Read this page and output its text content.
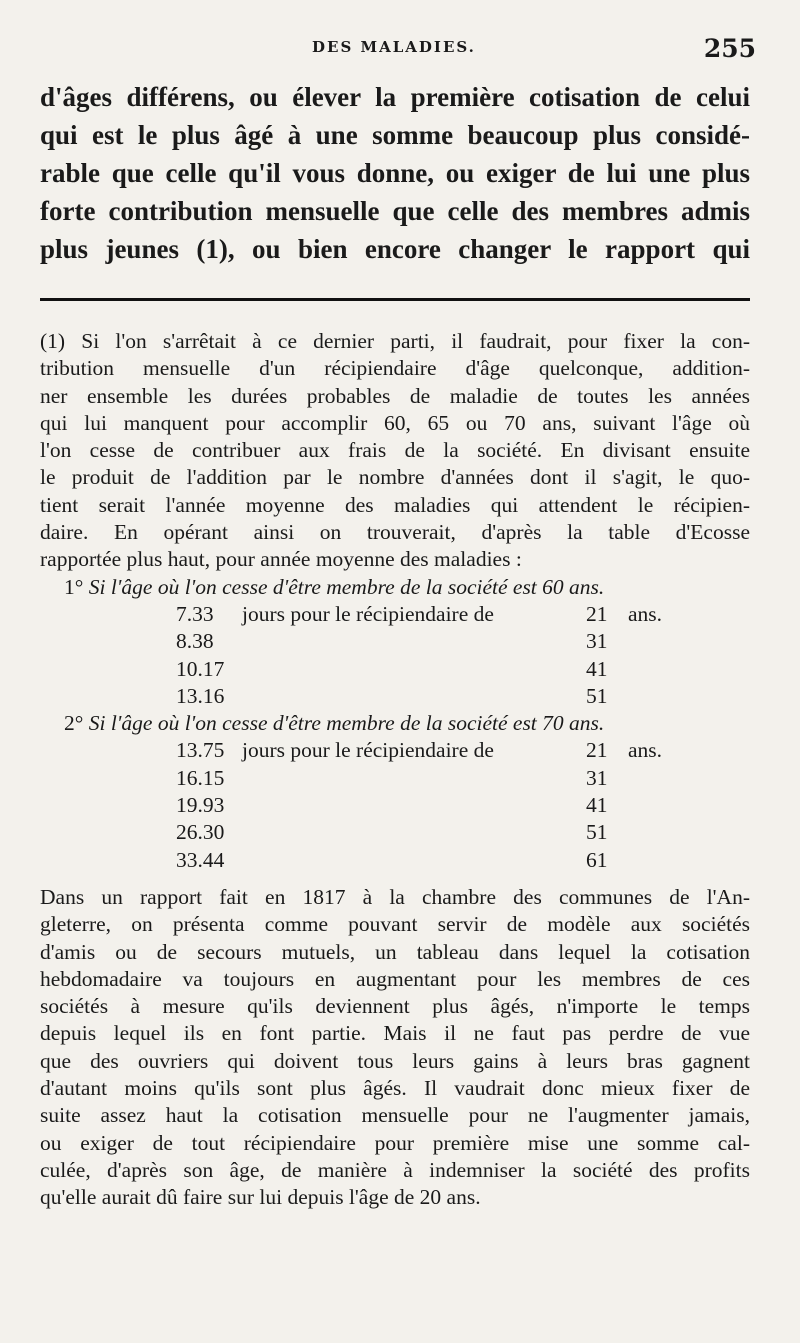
DES MALADIES.	255
d'âges différens, ou élever la première cotisation de celui
qui est le plus âgé à une somme beaucoup plus considé-
rable que celle qu'il vous donne, ou exiger de lui une plus
forte contribution mensuelle que celle des membres admis
plus jeunes (1), ou bien encore changer le rapport qui
(1) Si l'on s'arrêtait à ce dernier parti, il faudrait, pour fixer la con-
tribution mensuelle d'un récipiendaire d'âge quelconque, addition-
ner ensemble les durées probables de maladie de toutes les années
qui lui manquent pour accomplir 60, 65 ou 70 ans, suivant l'âge où
l'on cesse de contribuer aux frais de la société. En divisant ensuite
le produit de l'addition par le nombre d'années dont il s'agit, le quo-
tient serait l'année moyenne des maladies qui attendent le récipien-
daire. En opérant ainsi on trouverait, d'après la table d'Ecosse
rapportée plus haut, pour année moyenne des maladies :
1° Si l'âge où l'on cesse d'être membre de la société est 60 ans.
7.33 jours pour le récipiendaire de	21 ans.
8.38	31
10.17	41
13.16	51
2° Si l'âge où l'on cesse d'être membre de la société est 70 ans.
13.75 jours pour le récipiendaire de	21 ans.
16.15	31
19.93	41
26.30	51
33.44	61
Dans un rapport fait en 1817 à la chambre des communes de l'An-
gleterre, on présenta comme pouvant servir de modèle aux sociétés
d'amis ou de secours mutuels, un tableau dans lequel la cotisation
hebdomadaire va toujours en augmentant pour les membres de ces
sociétés à mesure qu'ils deviennent plus âgés, n'importe le temps
depuis lequel ils en font partie. Mais il ne faut pas perdre de vue
que des ouvriers qui doivent tous leurs gains à leurs bras gagnent
d'autant moins qu'ils sont plus âgés. Il vaudrait donc mieux fixer de
suite assez haut la cotisation mensuelle pour ne l'augmenter jamais,
ou exiger de tout récipiendaire pour première mise une somme cal-
culée, d'après son âge, de manière à indemniser la société des profits
qu'elle aurait dû faire sur lui depuis l'âge de 20 ans.
